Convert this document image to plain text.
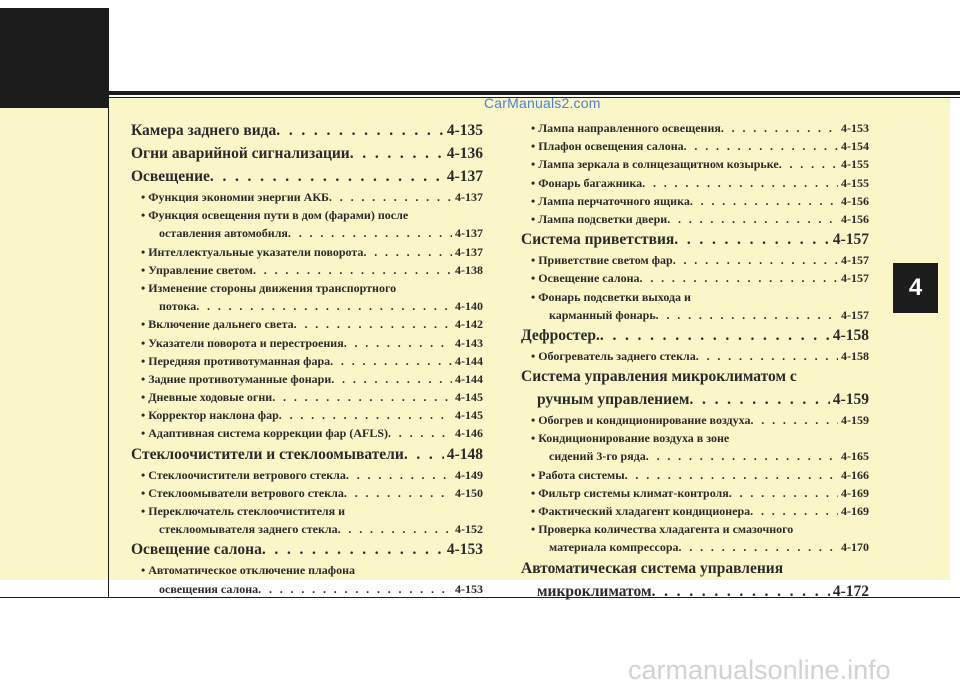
CarManuals2.com
carmanualsonline.info
4
Камера заднего вида . . .	4-135
Огни аварийной сигнализации . . .	4-136
Освещение . . .	4-137
• Функция экономии энергии АКБ . . .	4-137
• Функция освещения пути в дом (фарами) после
оставления автомобиля . . .	4-137
• Интеллектуальные указатели поворота . . .	4-137
• Управление светом . . .	4-138
• Изменение стороны движения транспортного
потока . . .	4-140
• Включение дальнего света . . .	4-142
• Указатели поворота и перестроения . . .	4-143
• Передняя противотуманная фара . . .	4-144
• Задние противотуманные фонари . . .	4-144
• Дневные ходовые огни . . .	4-145
• Корректор наклона фар . . .	4-145
• Адаптивная система коррекции фар (AFLS) . . .	4-146
Стеклоочистители и стеклоомыватели . . .	4-148
• Стеклоочистители ветрового стекла . . .	4-149
• Стеклоомыватели ветрового стекла . . .	4-150
• Переключатель стеклоочистителя и
стеклоомывателя заднего стекла . . .	4-152
Освещение салона . . .	4-153
• Автоматическое отключение плафона
освещения салона . . .	4-153
• Лампа направленного освещения . . .	4-153
• Плафон освещения салона . . .	4-154
• Лампа зеркала в солнцезащитном козырьке . . .	4-155
• Фонарь багажника . . .	4-155
• Лампа перчаточного ящика . . .	4-156
• Лампа подсветки двери . . .	4-156
Система приветствия . . .	4-157
• Приветствие светом фар . . .	4-157
• Освещение салона . . .	4-157
• Фонарь подсветки выхода и
карманный фонарь . . .	4-157
Дефростер. . . .	4-158
• Обогреватель заднего стекла . . .	4-158
Система управления микроклиматом с
ручным управлением . . .	4-159
• Обогрев и кондиционирование воздуха . . .	4-159
• Кондиционирование воздуха в зоне
сидений 3-го ряда . . .	4-165
• Работа системы . . .	4-166
• Фильтр системы климат-контроля . . .	4-169
• Фактический хладагент кондиционера . . .	4-169
• Проверка количества хладагента и смазочного
материала компрессора . . .	4-170
Автоматическая система управления
микроклиматом . . .	4-172
